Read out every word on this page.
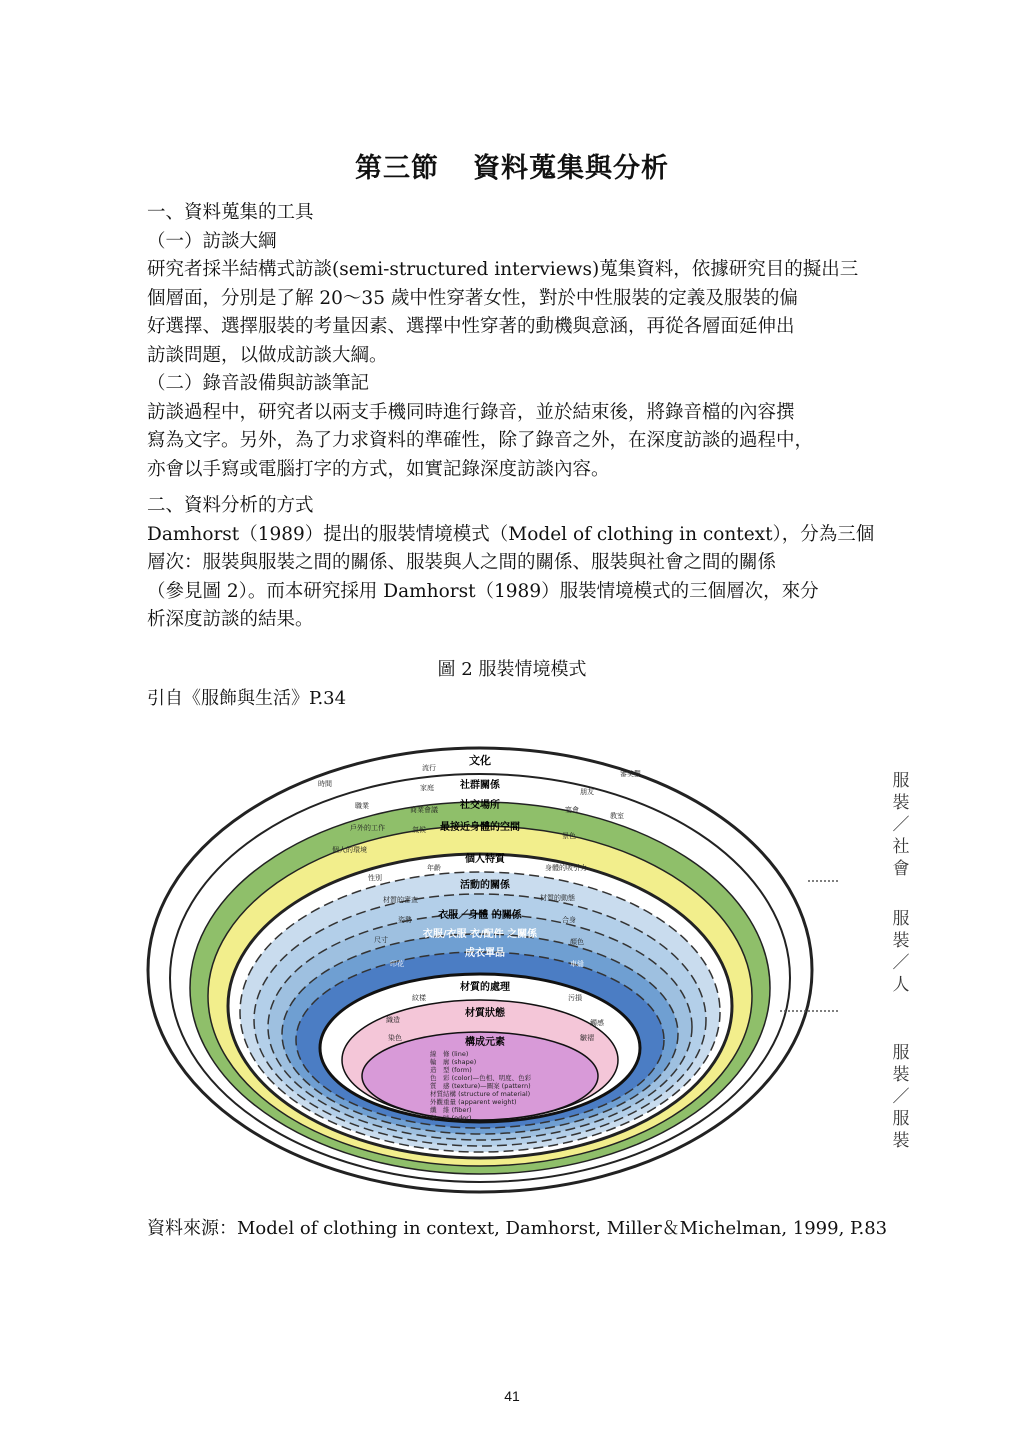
第三節 資料蒐集與分析
一、資料蒐集的工具
（一）訪談大綱
研究者採半結構式訪談(semi-structured interviews)蒐集資料，依據研究目的擬出三
個層面，分別是了解 20～35 歲中性穿著女性，對於中性服裝的定義及服裝的偏
好選擇、選擇服裝的考量因素、選擇中性穿著的動機與意涵，再從各層面延伸出
訪談問題，以做成訪談大綱。
（二）錄音設備與訪談筆記
訪談過程中，研究者以兩支手機同時進行錄音，並於結束後，將錄音檔的內容撰
寫為文字。另外，為了力求資料的準確性，除了錄音之外，在深度訪談的過程中，
亦會以手寫或電腦打字的方式，如實記錄深度訪談內容。
二、資料分析的方式
Damhorst（1989）提出的服裝情境模式（Model of clothing in context），分為三個
層次：服裝與服裝之間的關係、服裝與人之間的關係、服裝與社會之間的關係
（參見圖 2）。而本研究採用 Damhorst（1989）服裝情境模式的三個層次，來分
析深度訪談的結果。
圖 2 服裝情境模式
引自《服飾與生活》P.34
文化
社群關係
社交場所
最接近身體的空間
個人特質
活動的關係
衣服／身體 的關係
衣服/衣服 衣/配件 之關係
成衣單品
材質的處理
材質狀態
構成元素
流行
審美觀
時間	家庭	朋友
職業	商業會議	宴會
教室
戶外的工作	氣候
景色
個人的環境
性別
年齡	身體的吸引力
材質的審查	材質的動態
姿勢	合身
尺寸	顏色
印花	車縫
紋樣	污損
觸感
織造
染色	皺褶
線　條 (line)
輪　廓 (shape)
造　型 (form)
色　彩 (color)—色相、明度、色彩
質　感 (texture)—圖案 (pattern)
材質結構 (structure of material)
外觀重量 (apparent weight)
纖　維 (fiber)
氣　味 (odor)
服
裝
／
社
會
服
裝
／
人
服
裝
／
服
裝
資料來源：Model of clothing in context, Damhorst, Miller＆Michelman, 1999, P.83
41
